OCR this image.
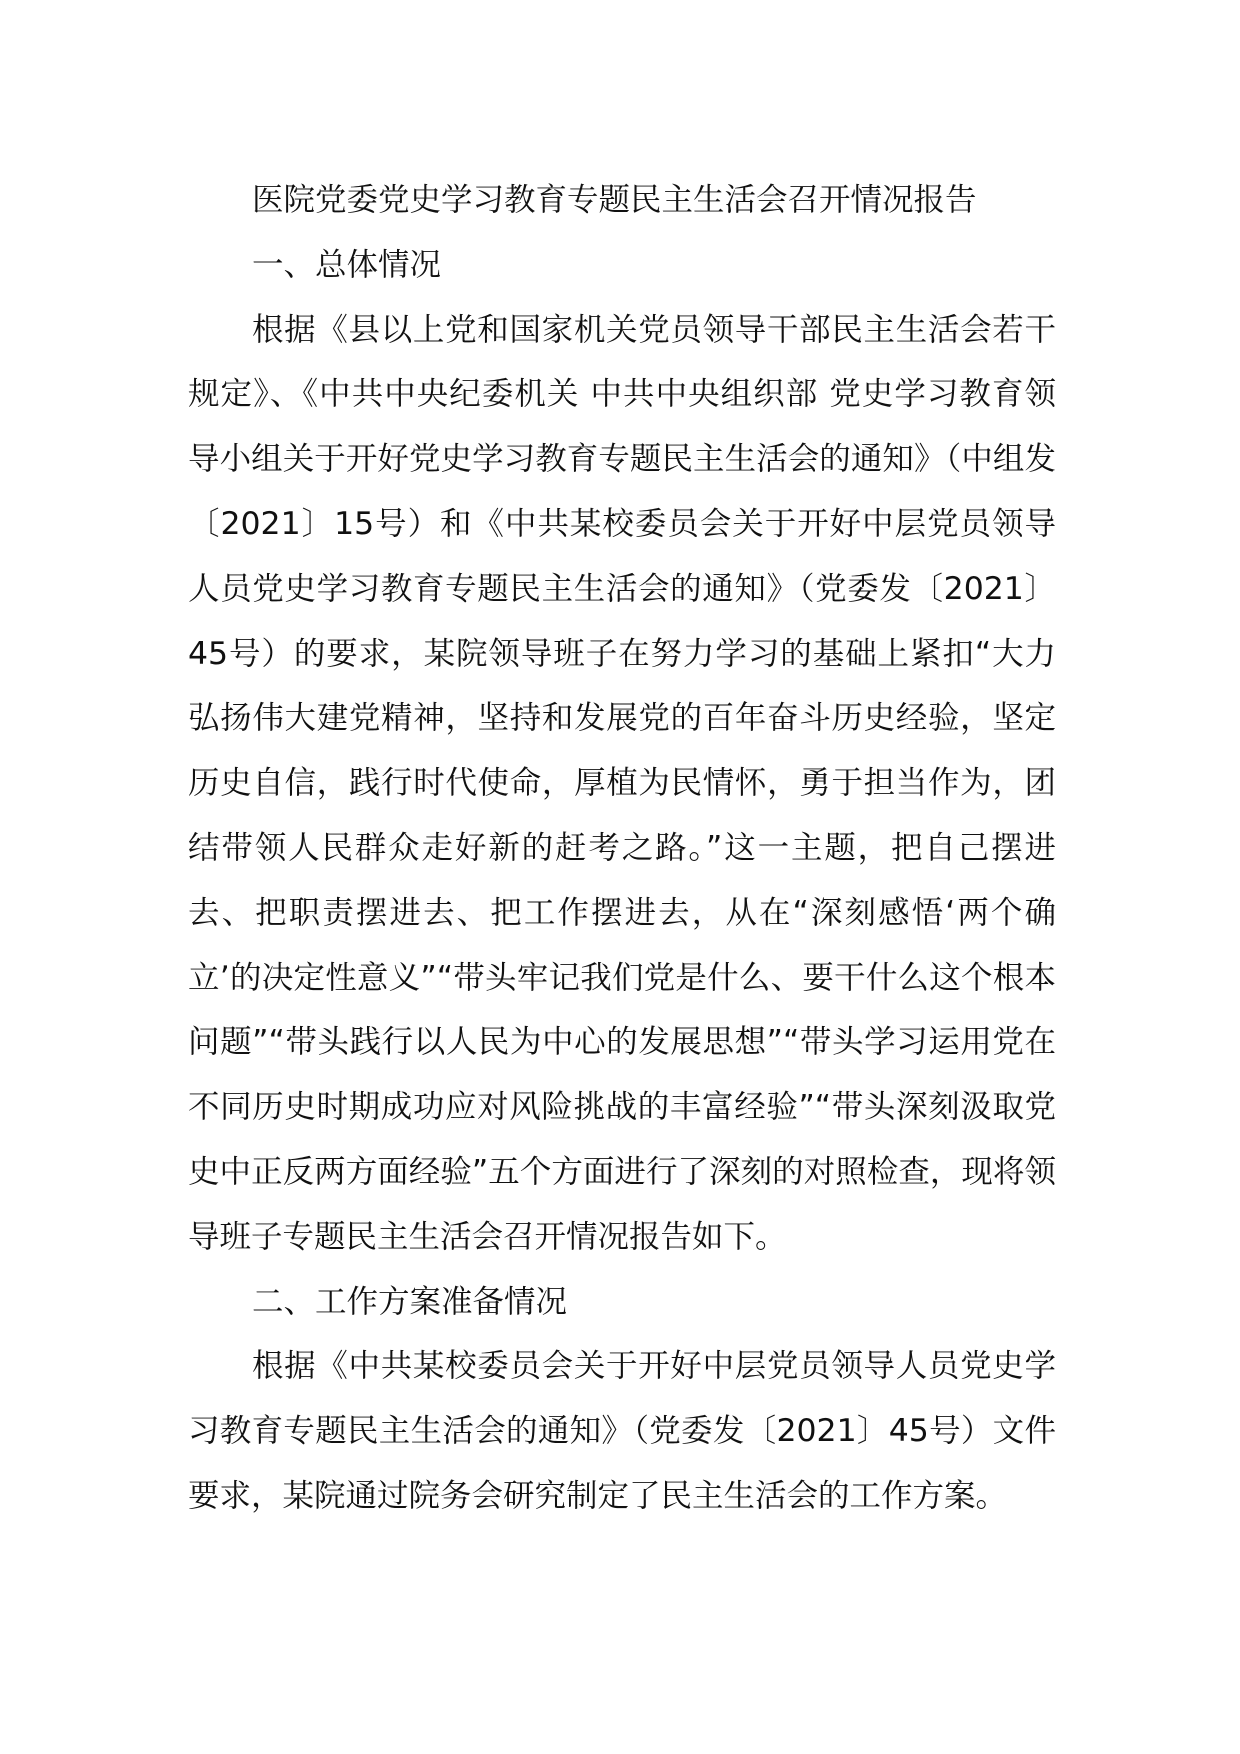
医院党委党史学习教育专题民主生活会召开情况报告
一、总体情况

根据《县以上党和国家机关党员领导干部民主生活会若干规定》、《中共中央纪委机关 中共中央组织部 党史学习教育领导小组关于开好党史学习教育专题民主生活会的通知》（中组发〔2021〕15号）和《中共某校委员会关于开好中层党员领导人员党史学习教育专题民主生活会的通知》（党委发〔2021〕45号）的要求，某院领导班子在努力学习的基础上紧扣“大力弘扬伟大建党精神，坚持和发展党的百年奋斗历史经验，坚定历史自信，践行时代使命，厚植为民情怀，勇于担当作为，团结带领人民群众走好新的赶考之路。”这一主题，把自己摆进去、把职责摆进去、把工作摆进去，从在“深刻感悟‘两个确立’的决定性意义”“带头牢记我们党是什么、要干什么这个根本问题”“带头践行以人民为中心的发展思想”“带头学习运用党在不同历史时期成功应对风险挑战的丰富经验”“带头深刻汲取党史中正反两方面经验”五个方面进行了深刻的对照检查，现将领导班子专题民主生活会召开情况报告如下。

二、工作方案准备情况

根据《中共某校委员会关于开好中层党员领导人员党史学习教育专题民主生活会的通知》（党委发〔2021〕45号）文件要求，某院通过院务会研究制定了民主生活会的工作方案。
